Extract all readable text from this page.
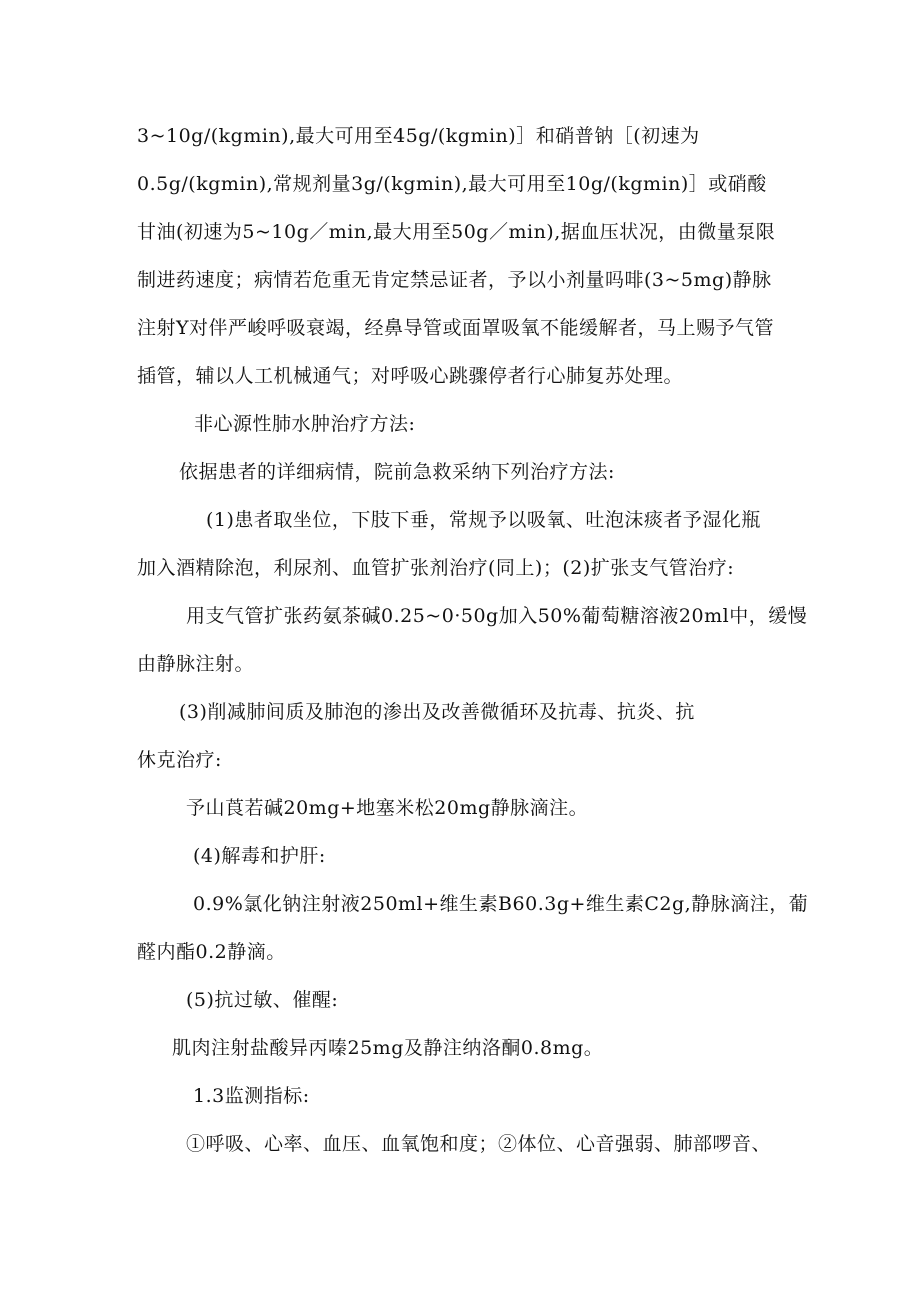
3~10g/(kgmin),最大可用至45g/(kgmin)］和硝普钠［(初速为
0.5g/(kgmin),常规剂量3g/(kgmin),最大可用至10g/(kgmin)］或硝酸
甘油(初速为5~10g／min,最大用至50g／min),据血压状况，由微量泵限
制进药速度；病情若危重无肯定禁忌证者，予以小剂量吗啡(3~5mg)静脉
注射Y对伴严峻呼吸衰竭，经鼻导管或面罩吸氧不能缓解者，马上赐予气管
插管，辅以人工机械通气；对呼吸心跳骤停者行心肺复苏处理。
非心源性肺水肿治疗方法:
依据患者的详细病情，院前急救采纳下列治疗方法:
(1)患者取坐位，下肢下垂，常规予以吸氧、吐泡沫痰者予湿化瓶
加入酒精除泡，利尿剂、血管扩张剂治疗(同上)；(2)扩张支气管治疗:
用支气管扩张药氨茶碱0.25~0·50g加入50%葡萄糖溶液20ml中，缓慢
由静脉注射。
(3)削减肺间质及肺泡的渗出及改善微循环及抗毒、抗炎、抗
休克治疗:
予山莨若碱20mg+地塞米松20mg静脉滴注。
(4)解毒和护肝:
0.9%氯化钠注射液250ml+维生素B60.3g+维生素C2g,静脉滴注，葡
醛内酯0.2静滴。
(5)抗过敏、催醒:
肌肉注射盐酸异丙嗪25mg及静注纳洛酮0.8mg。
1.3监测指标:
①呼吸、心率、血压、血氧饱和度；②体位、心音强弱、肺部啰音、
